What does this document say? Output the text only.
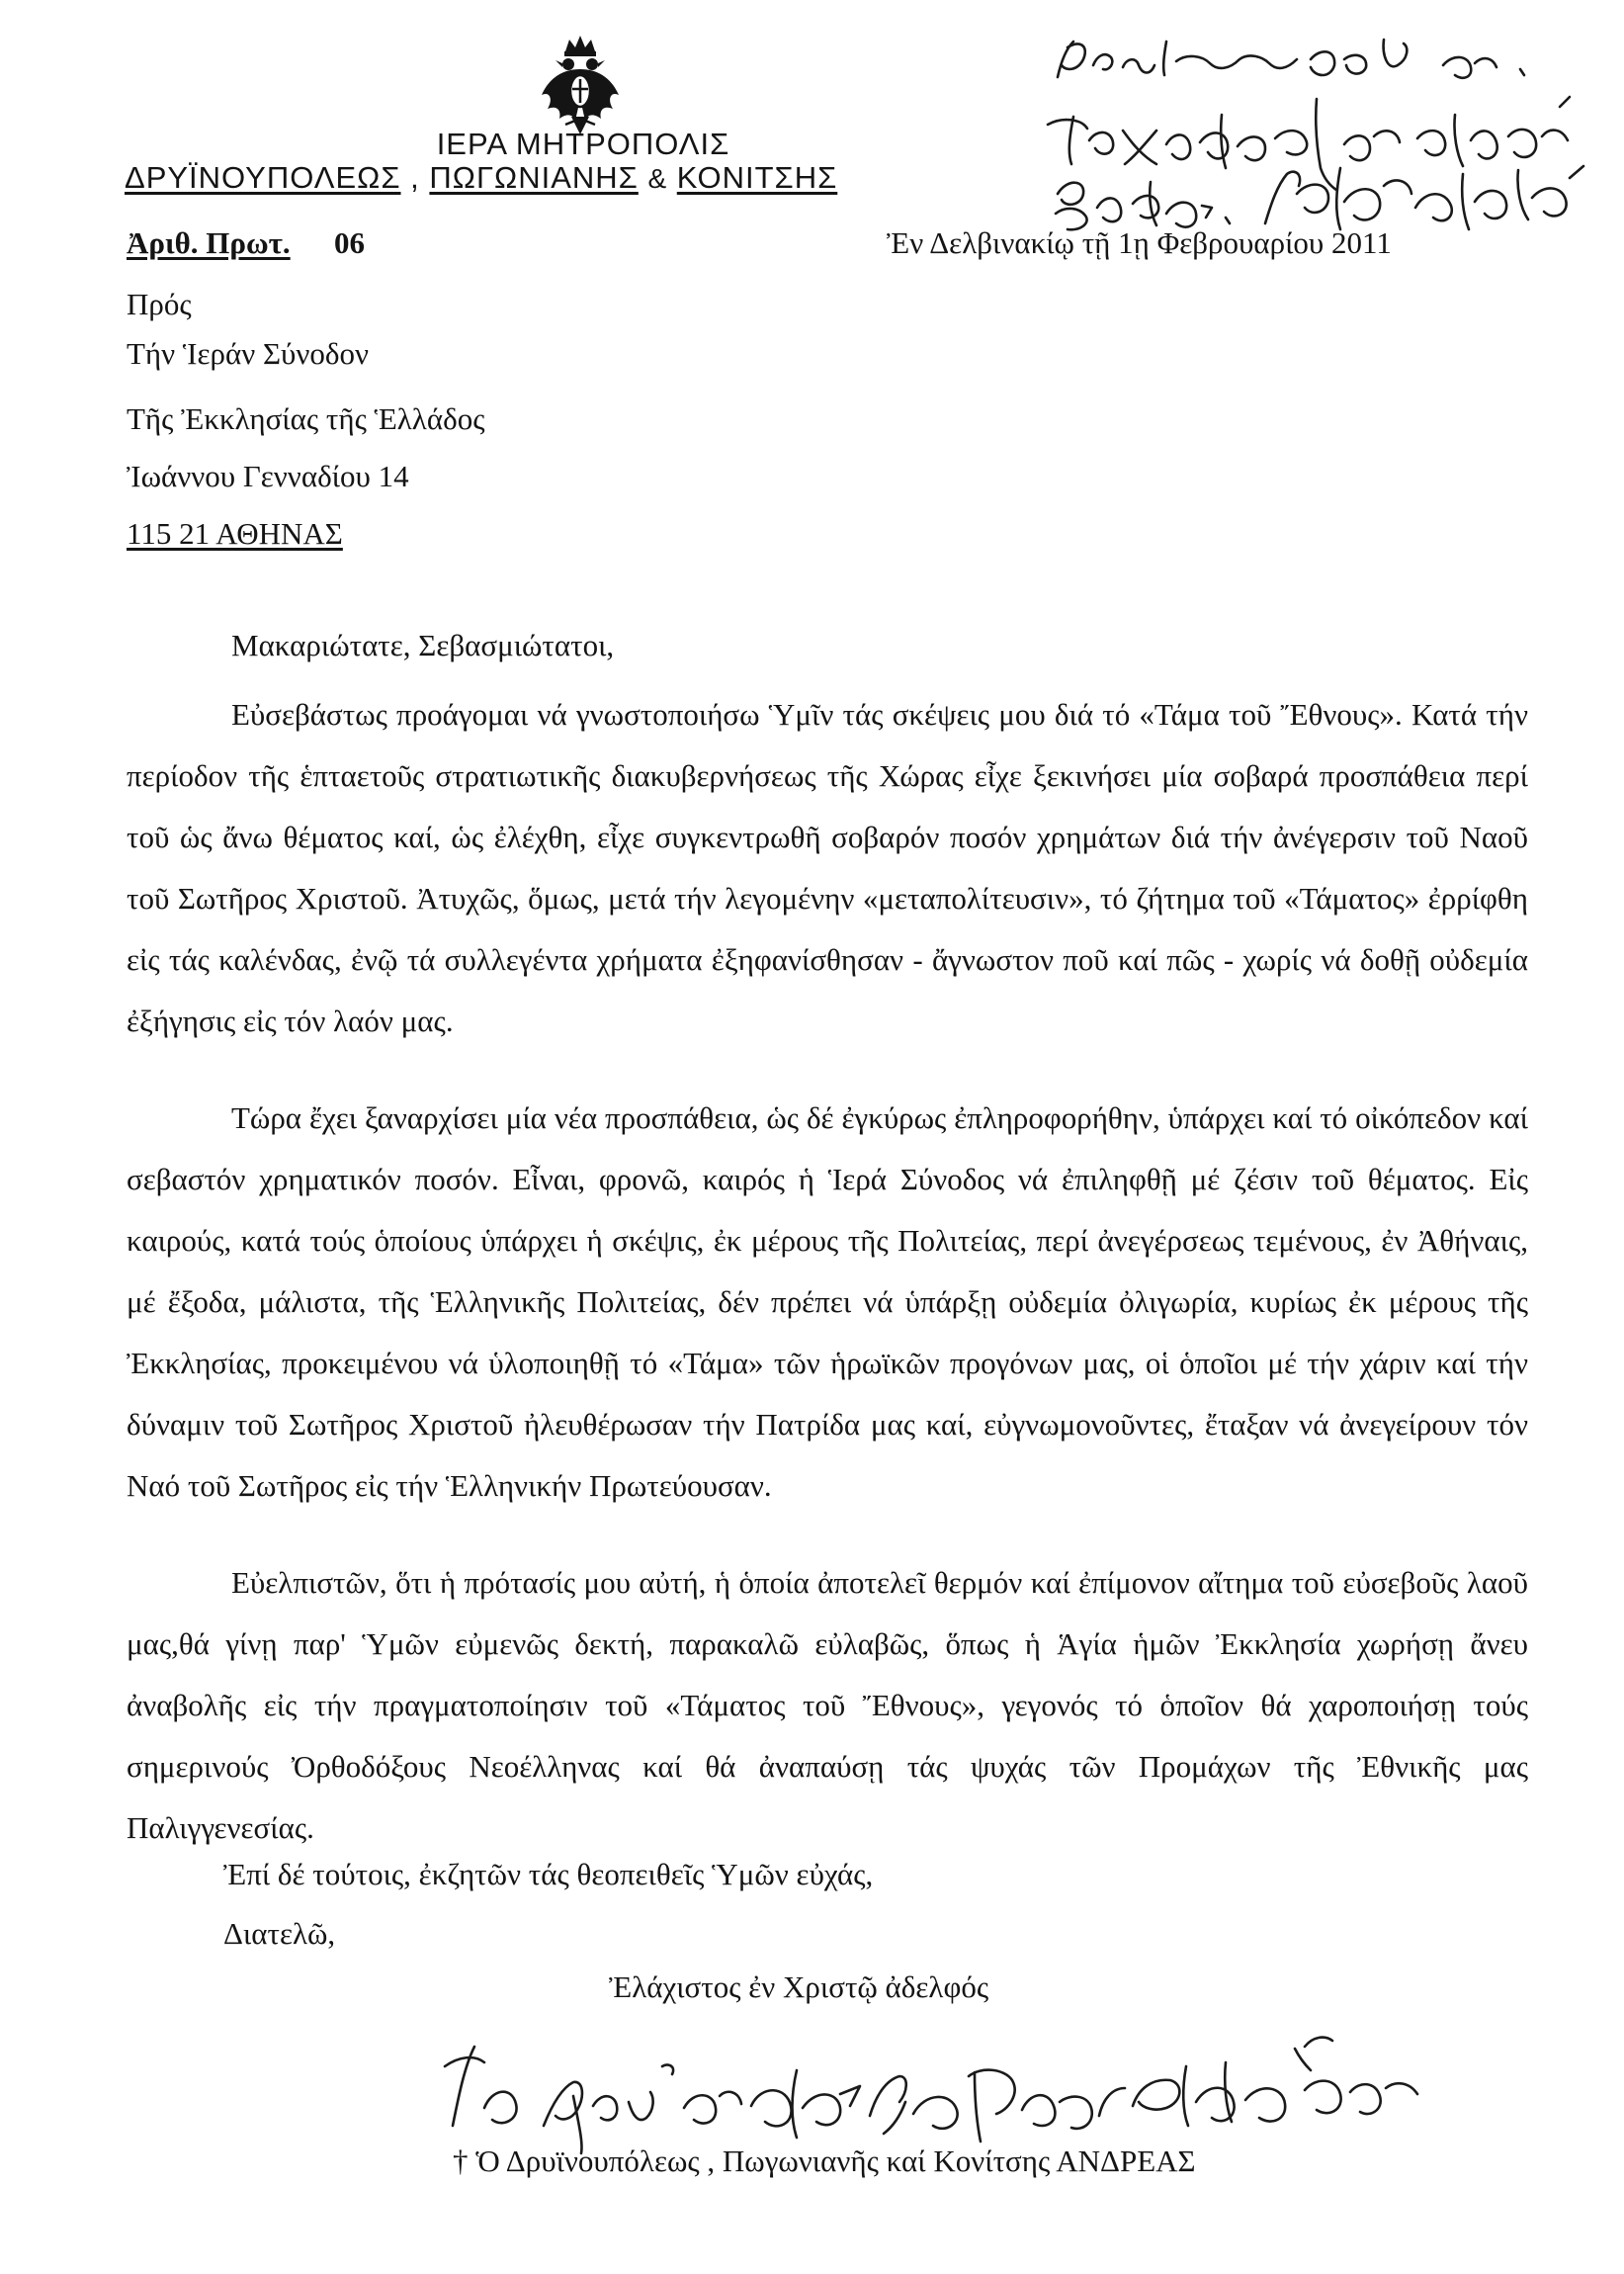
ΙΕΡΑ ΜΗΤΡΟΠΟΛΙΣ
ΔΡΥΪΝΟΥΠΟΛΕΩΣ , ΠΩΓΩΝΙΑΝΗΣ & ΚΟΝΙΤΣΗΣ
Ἀριθ. Πρωτ. 06	Ἐν Δελβινακίῳ τῇ 1ῃ Φεβρουαρίου 2011
Πρός
Τήν Ἱεράν Σύνοδον
Τῆς Ἐκκλησίας τῆς Ἑλλάδος
Ἰωάννου Γενναδίου 14
115 21 ΑΘΗΝΑΣ
Μακαριώτατε, Σεβασμιώτατοι,

Εὐσεβάστως προάγομαι νά γνωστοποιήσω Ὑμῖν τάς σκέψεις μου διά τό «Τάμα τοῦ Ἔθνους». Κατά τήν περίοδον τῆς ἑπταετοῦς στρατιωτικῆς διακυβερνήσεως τῆς Χώρας εἶχε ξεκινήσει μία σοβαρά προσπάθεια περί τοῦ ὡς ἄνω θέματος καί, ὡς ἐλέχθη, εἶχε συγκεντρωθῆ σοβαρόν ποσόν χρημάτων διά τήν ἀνέγερσιν τοῦ Ναοῦ τοῦ Σωτῆρος Χριστοῦ. Ἀτυχῶς, ὅμως, μετά τήν λεγομένην «μεταπολίτευσιν», τό ζήτημα τοῦ «Τάματος» ἐρρίφθη εἰς τάς καλένδας, ἐνῷ τά συλλεγέντα χρήματα ἐξηφανίσθησαν - ἄγνωστον ποῦ καί πῶς - χωρίς νά δοθῇ οὐδεμία ἐξήγησις εἰς τόν λαόν μας.

Τώρα ἔχει ξαναρχίσει μία νέα προσπάθεια, ὡς δέ ἐγκύρως ἐπληροφορήθην, ὑπάρχει καί τό οἰκόπεδον καί σεβαστόν χρηματικόν ποσόν. Εἶναι, φρονῶ, καιρός ἡ Ἱερά Σύνοδος νά ἐπιληφθῇ μέ ζέσιν τοῦ θέματος. Εἰς καιρούς, κατά τούς ὁποίους ὑπάρχει ἡ σκέψις, ἐκ μέρους τῆς Πολιτείας, περί ἀνεγέρσεως τεμένους, ἐν Ἀθήναις, μέ ἔξοδα, μάλιστα, τῆς Ἑλληνικῆς Πολιτείας, δέν πρέπει νά ὑπάρξῃ οὐδεμία ὀλιγωρία, κυρίως ἐκ μέρους τῆς Ἐκκλησίας, προκειμένου νά ὑλοποιηθῇ τό «Τάμα» τῶν ἡρωϊκῶν προγόνων μας, οἱ ὁποῖοι μέ τήν χάριν καί τήν δύναμιν τοῦ Σωτῆρος Χριστοῦ ἠλευθέρωσαν τήν Πατρίδα μας καί, εὐγνωμονοῦντες, ἔταξαν νά ἀνεγείρουν τόν Ναό τοῦ Σωτῆρος εἰς τήν Ἑλληνικήν Πρωτεύουσαν.

Εὐελπιστῶν, ὅτι ἡ πρότασίς μου αὐτή, ἡ ὁποία ἀποτελεῖ θερμόν καί ἐπίμονον αἴτημα τοῦ εὐσεβοῦς λαοῦ μας,θά γίνῃ παρ' Ὑμῶν εὐμενῶς δεκτή, παρακαλῶ εὐλαβῶς, ὅπως ἡ Ἁγία ἡμῶν Ἐκκλησία χωρήσῃ ἄνευ ἀναβολῆς εἰς τήν πραγματοποίησιν τοῦ «Τάματος τοῦ Ἔθνους», γεγονός τό ὁποῖον θά χαροποιήσῃ τούς σημερινούς Ὀρθοδόξους Νεοέλληνας καί θά ἀναπαύσῃ τάς ψυχάς τῶν Προμάχων τῆς Ἐθνικῆς μας Παλιγγενεσίας.

Ἐπί δέ τούτοις, ἐκζητῶν τάς θεοπειθεῖς Ὑμῶν εὐχάς,
Διατελῶ,
Ἐλάχιστος ἐν Χριστῷ ἀδελφός
† Ὁ Δρυϊνουπόλεως , Πωγωνιανῆς καί Κονίτσης ΑΝΔΡΕΑΣ
